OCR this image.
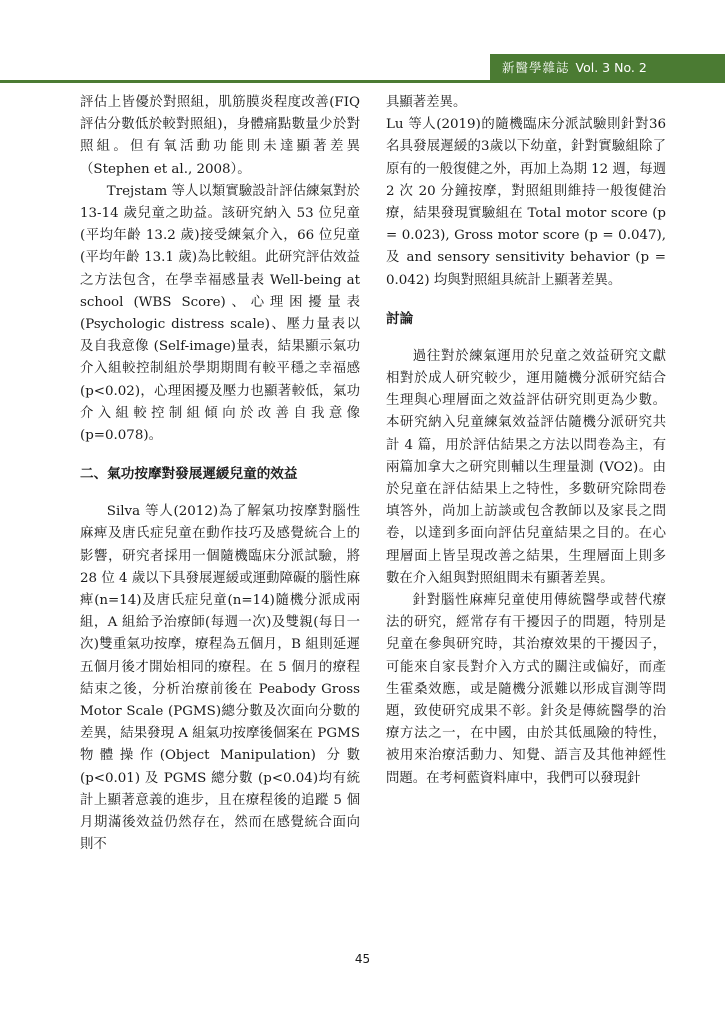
新醫學雜誌 Vol. 3 No. 2

評估上皆優於對照組，肌筋膜炎程度改善(FIQ 評估分數低於較對照組)，身體痛點數量少於對照組。但有氧活動功能則未達顯著差異（Stephen et al., 2008）。

Trejstam 等人以類實驗設計評估練氣對於 13-14 歲兒童之助益。該研究納入 53 位兒童(平均年齡 13.2 歲)接受練氣介入，66 位兒童(平均年齡 13.1 歲)為比較組。此研究評估效益之方法包含，在學幸福感量表 Well-being at school (WBS Score)、心理困擾量表 (Psychologic distress scale)、壓力量表以及自我意像 (Self-image)量表，結果顯示氣功介入組較控制組於學期期間有較平穩之幸福感(p<0.02)，心理困擾及壓力也顯著較低，氣功介入組較控制組傾向於改善自我意像(p=0.078)。

二、氣功按摩對發展遲緩兒童的效益

Silva 等人(2012)為了解氣功按摩對腦性麻痺及唐氏症兒童在動作技巧及感覺統合上的影響，研究者採用一個隨機臨床分派試驗，將 28 位 4 歲以下具發展遲緩或運動障礙的腦性麻痺(n=14)及唐氏症兒童(n=14)隨機分派成兩組，A 組給予治療師(每週一次)及雙親(每日一次)雙重氣功按摩，療程為五個月，B 組則延遲五個月後才開始相同的療程。在 5 個月的療程結束之後，分析治療前後在 Peabody Gross Motor Scale (PGMS)總分數及次面向分數的差異，結果發現 A 組氣功按摩後個案在 PGMS 物體操作(Object Manipulation) 分數 (p<0.01) 及 PGMS 總分數 (p<0.04)均有統計上顯著意義的進步，且在療程後的追蹤 5 個月期滿後效益仍然存在，然而在感覺統合面向則不

具顯著差異。

Lu 等人(2019)的隨機臨床分派試驗則針對36名具發展遲緩的3歲以下幼童，針對實驗組除了原有的一般復健之外，再加上為期 12 週，每週 2 次 20 分鐘按摩，對照組則維持一般復健治療，結果發現實驗組在 Total motor score (p = 0.023), Gross motor score (p = 0.047), 及 and sensory sensitivity behavior (p = 0.042) 均與對照組具統計上顯著差異。

討論

過往對於練氣運用於兒童之效益研究文獻相對於成人研究較少，運用隨機分派研究結合生理與心理層面之效益評估研究則更為少數。本研究納入兒童練氣效益評估隨機分派研究共計 4 篇，用於評估結果之方法以問卷為主，有兩篇加拿大之研究則輔以生理量測 (VO2)。由於兒童在評估結果上之特性，多數研究除問卷填答外，尚加上訪談或包含教師以及家長之問卷，以達到多面向評估兒童結果之目的。在心理層面上皆呈現改善之結果，生理層面上則多數在介入組與對照組間未有顯著差異。

針對腦性麻痺兒童使用傳統醫學或替代療法的研究，經常存有干擾因子的問題，特別是兒童在參與研究時，其治療效果的干擾因子，可能來自家長對介入方式的關注或偏好，而產生霍桑效應，或是隨機分派難以形成盲測等問題，致使研究成果不彰。針灸是傳統醫學的治療方法之一，在中國，由於其低風險的特性，被用來治療活動力、知覺、語言及其他神經性問題。在考柯藍資料庫中，我們可以發現針

45
